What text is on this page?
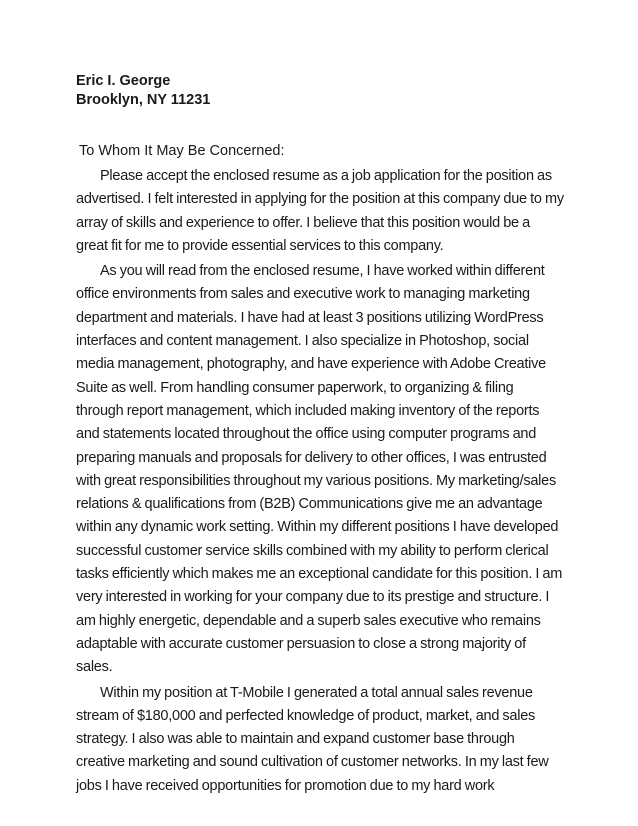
Eric I. George
Brooklyn, NY 11231
To Whom It May Be Concerned:

Please accept the enclosed resume as a job application for the position as advertised. I felt interested in applying for the position at this company due to my array of skills and experience to offer. I believe that this position would be a great fit for me to provide essential services to this company.

As you will read from the enclosed resume, I have worked within different office environments from sales and executive work to managing marketing department and materials. I have had at least 3 positions utilizing WordPress interfaces and content management. I also specialize in Photoshop, social media management, photography, and have experience with Adobe Creative Suite as well. From handling consumer paperwork, to organizing & filing through report management, which included making inventory of the reports and statements located throughout the office using computer programs and preparing manuals and proposals for delivery to other offices, I was entrusted with great responsibilities throughout my various positions. My marketing/sales relations & qualifications from (B2B) Communications give me an advantage within any dynamic work setting. Within my different positions I have developed successful customer service skills combined with my ability to perform clerical tasks efficiently which makes me an exceptional candidate for this position. I am very interested in working for your company due to its prestige and structure. I am highly energetic, dependable and a superb sales executive who remains adaptable with accurate customer persuasion to close a strong majority of sales.

Within my position at T-Mobile I generated a total annual sales revenue stream of $180,000 and perfected knowledge of product, market, and sales strategy. I also was able to maintain and expand customer base through creative marketing and sound cultivation of customer networks. In my last few jobs I have received opportunities for promotion due to my hard work
